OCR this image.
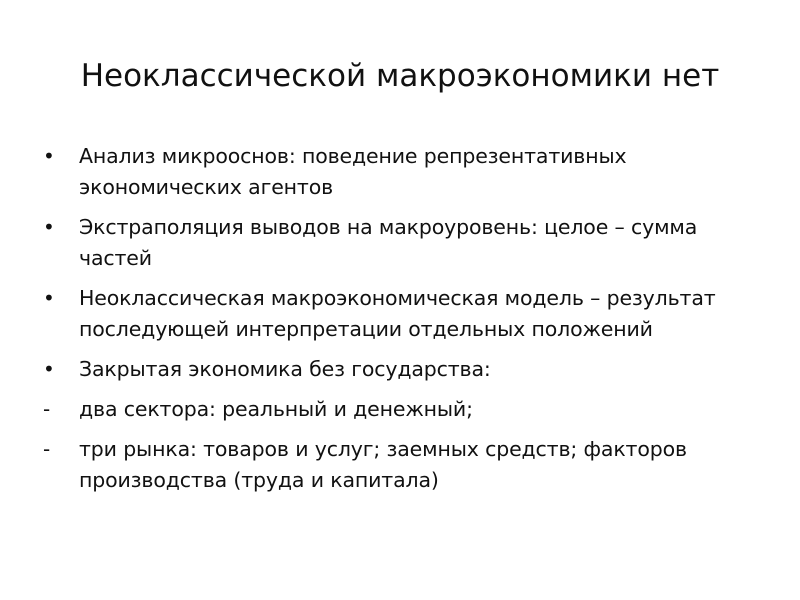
Неоклассической макроэкономики нет
•	Анализ микрооснов: поведение репрезентативных экономических агентов
•	Экстраполяция выводов на макроуровень: целое – сумма частей
•	Неоклассическая макроэкономическая модель – результат последующей интерпретации отдельных положений
•	Закрытая экономика без государства:
-	два сектора: реальный и денежный;
-	три рынка: товаров и услуг; заемных средств; факторов производства (труда и капитала)
